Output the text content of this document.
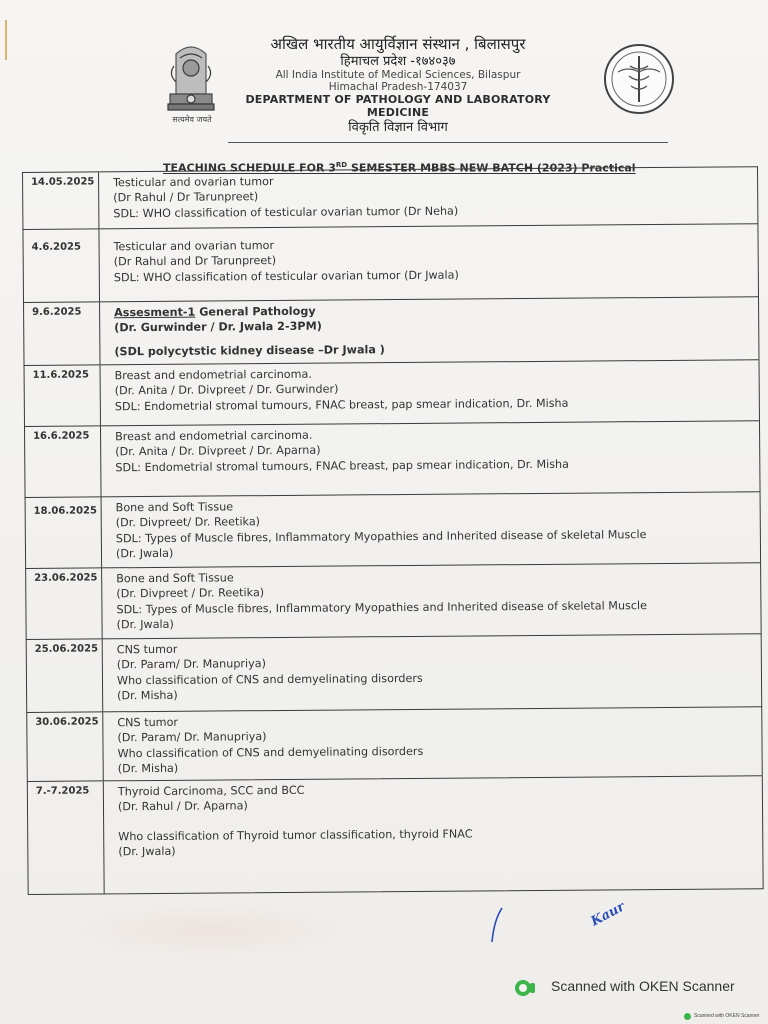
सत्यमेव जयते
अखिल भारतीय आयुर्विज्ञान संस्थान , बिलासपुर
हिमाचल प्रदेश -१७४०३७
All India Institute of Medical Sciences, Bilaspur
Himachal Pradesh-174037
DEPARTMENT OF PATHOLOGY AND LABORATORY MEDICINE
विकृति विज्ञान विभाग
TEACHING SCHEDULE FOR 3RD SEMESTER MBBS NEW BATCH (2023) Practical
14.05.2025	Testicular and ovarian tumor
(Dr Rahul / Dr Tarunpreet)
SDL: WHO classification of testicular ovarian tumor (Dr Neha)
4.6.2025	Testicular and ovarian tumor
(Dr Rahul and Dr Tarunpreet)
SDL: WHO classification of testicular ovarian tumor (Dr Jwala)
9.6.2025	Assesment-1 General Pathology
(Dr. Gurwinder / Dr. Jwala 2-3PM)
(SDL polycytstic kidney disease –Dr Jwala )
11.6.2025	Breast and endometrial carcinoma.
(Dr. Anita / Dr. Divpreet / Dr. Gurwinder)
SDL: Endometrial stromal tumours, FNAC breast, pap smear indication, Dr. Misha
16.6.2025	Breast and endometrial carcinoma.
(Dr. Anita / Dr. Divpreet / Dr. Aparna)
SDL: Endometrial stromal tumours, FNAC breast, pap smear indication, Dr. Misha
18.06.2025	Bone and Soft Tissue
(Dr. Divpreet/ Dr. Reetika)
SDL: Types of Muscle fibres, Inflammatory Myopathies and Inherited disease of skeletal Muscle
(Dr. Jwala)
23.06.2025	Bone and Soft Tissue
(Dr. Divpreet / Dr. Reetika)
SDL: Types of Muscle fibres, Inflammatory Myopathies and Inherited disease of skeletal Muscle
(Dr. Jwala)
25.06.2025	CNS tumor
(Dr. Param/ Dr. Manupriya)
Who classification of CNS and demyelinating disorders
(Dr. Misha)
30.06.2025	CNS tumor
(Dr. Param/ Dr. Manupriya)
Who classification of CNS and demyelinating disorders
(Dr. Misha)
7.-7.2025	Thyroid Carcinoma, SCC and BCC
(Dr. Rahul / Dr. Aparna)
Who classification of Thyroid tumor classification, thyroid FNAC
(Dr. Jwala)
Kaur
Scanned with OKEN Scanner
Scanned with OKEN Scanner
